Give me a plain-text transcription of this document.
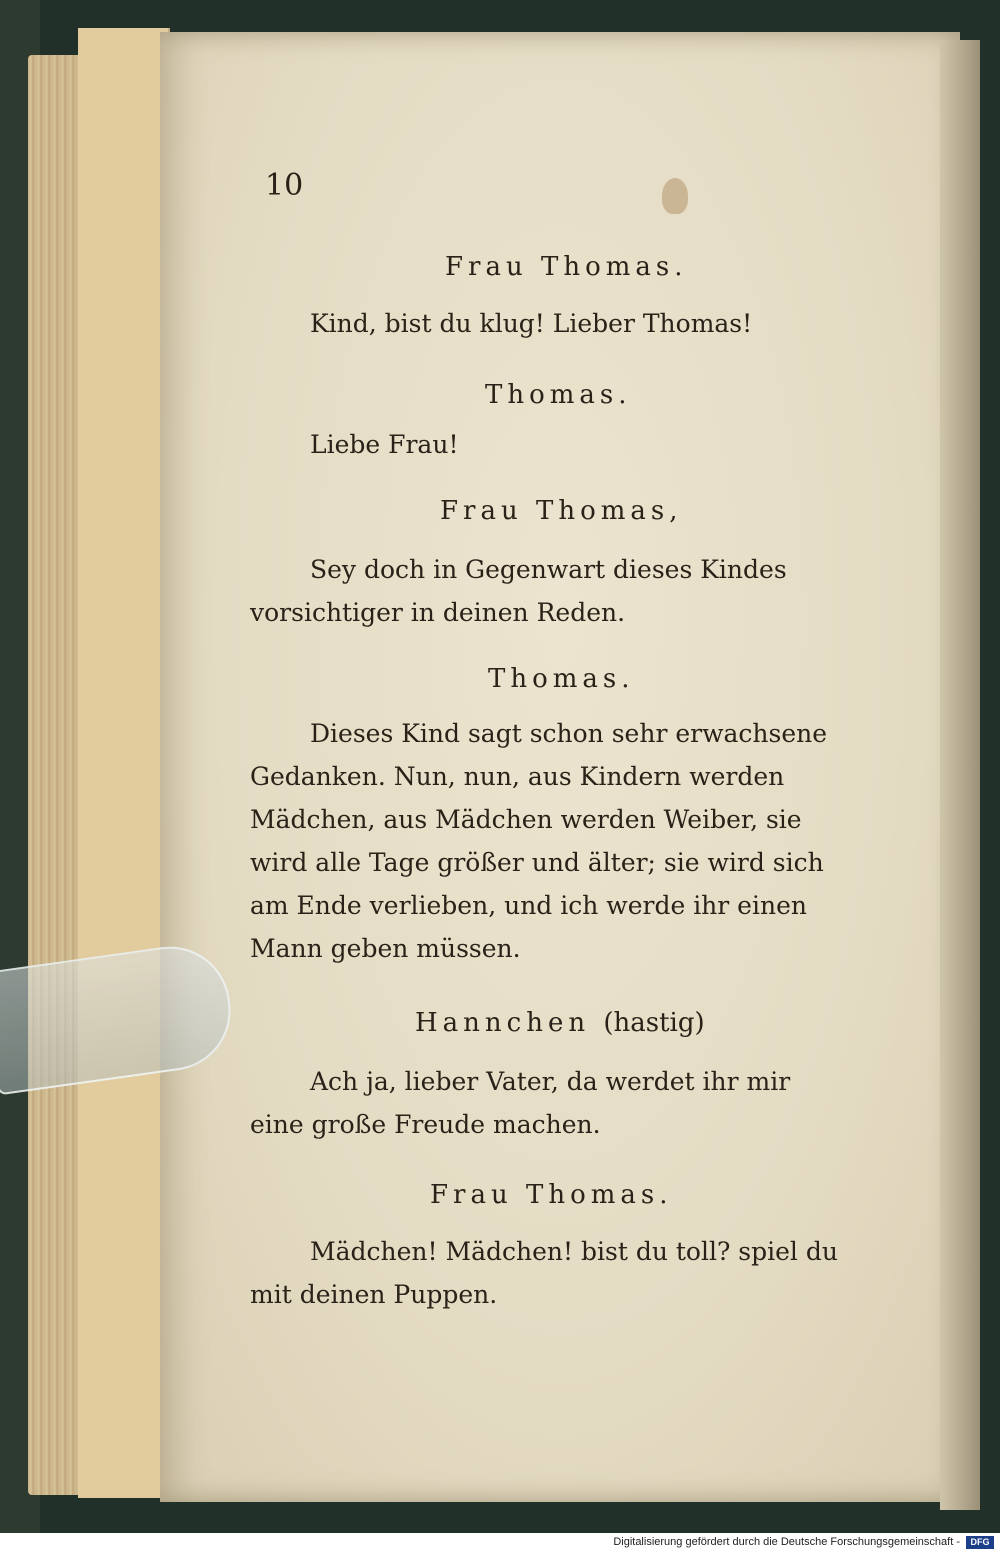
10
Frau Thomas.
Kind, bist du klug! Lieber Thomas!
Thomas.
Liebe Frau!
Frau Thomas,
Sey doch in Gegenwart dieses Kindes
vorsichtiger in deinen Reden.
Thomas.
Dieses Kind sagt schon sehr erwachsene
Gedanken. Nun, nun, aus Kindern werden
Mädchen, aus Mädchen werden Weiber, sie
wird alle Tage größer und älter; sie wird sich
am Ende verlieben, und ich werde ihr einen
Mann geben müssen.
Hannchen (hastig)
Ach ja, lieber Vater, da werdet ihr mir
eine große Freude machen.
Frau Thomas.
Mädchen! Mädchen! bist du toll? spiel du
mit deinen Puppen.
Digitalisierung gefördert durch die Deutsche Forschungsgemeinschaft -	DFG
